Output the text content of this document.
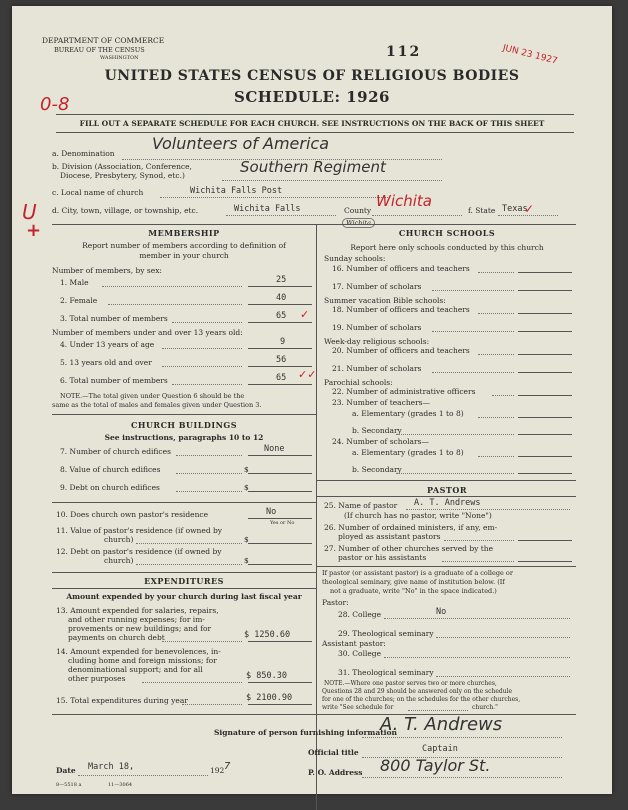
DEPARTMENT OF COMMERCE
BUREAU OF THE CENSUS
WASHINGTON	112	JUN 23 1927
UNITED STATES CENSUS OF RELIGIOUS BODIES
SCHEDULE: 1926
0-8
U
+
FILL OUT A SEPARATE SCHEDULE FOR EACH CHURCH. SEE INSTRUCTIONS ON THE BACK OF THIS SHEET
a. Denomination
Volunteers of America
b. Division (Association, Conference,
Diocese, Presbytery, Synod, etc.)	Southern Regiment
c. Local name of church	Wichita Falls Post
d. City, town, village, or township, etc.	Wichita Falls	County
Wichita
f. State Texas
✓
Wichita
MEMBERSHIP
Report number of members according to definition of
member in your church
Number of members, by sex:
1. Male	25
2. Female	40
3. Total number of members	65 ✓
Number of members under and over 13 years old:
4. Under 13 years of age	9
5. 13 years old and over	56
6. Total number of members	65 ✓✓
NOTE.—The total given under Question 6 should be the
same as the total of males and females given under Question 3.
CHURCH BUILDINGS
See instructions, paragraphs 10 to 12
7. Number of church edifices	None
8. Value of church edifices	$
9. Debt on church edifices	$
10. Does church own pastor's residence	No
Yes or No
11. Value of pastor's residence (if owned by
church)	$
12. Debt on pastor's residence (if owned by
church)	$
EXPENDITURES
Amount expended by your church during last fiscal year
13. Amount expended for salaries, repairs,
and other running expenses; for im-
provements or new buildings; and for
payments on church debt	$ 1250.60
14. Amount expended for benevolences, in-
cluding home and foreign missions; for
denominational support; and for all
other purposes	$ 850.30
15. Total expenditures during year	$ 2100.90
CHURCH SCHOOLS
Report here only schools conducted by this church
Sunday schools:
16. Number of officers and teachers
17. Number of scholars
Summer vacation Bible schools:
18. Number of officers and teachers
19. Number of scholars
Week-day religious schools:
20. Number of officers and teachers
21. Number of scholars
Parochial schools:
22. Number of administrative officers
23. Number of teachers—
a. Elementary (grades 1 to 8)
b. Secondary
24. Number of scholars—
a. Elementary (grades 1 to 8)
b. Secondary
PASTOR
25. Name of pastor A. T. Andrews
(If church has no pastor, write "None")
26. Number of ordained ministers, if any, em-
ployed as assistant pastors
27. Number of other churches served by the
pastor or his assistants
If pastor (or assistant pastor) is a graduate of a college or
theological seminary, give name of institution below. (If
not a graduate, write "No" in the space indicated.)
Pastor:
28. College	No
29. Theological seminary
Assistant pastor:
30. College
31. Theological seminary
NOTE.—Where one pastor serves two or more churches,
Questions 28 and 29 should be answered only on the schedule
for one of the churches; on the schedules for the other churches,
write "See schedule for	church."
Signature of person furnishing information
A. T. Andrews
Official title	Captain
Date March 18,	192 7
P. O. Address 800 Taylor St.
8—5518 a	11—3064
